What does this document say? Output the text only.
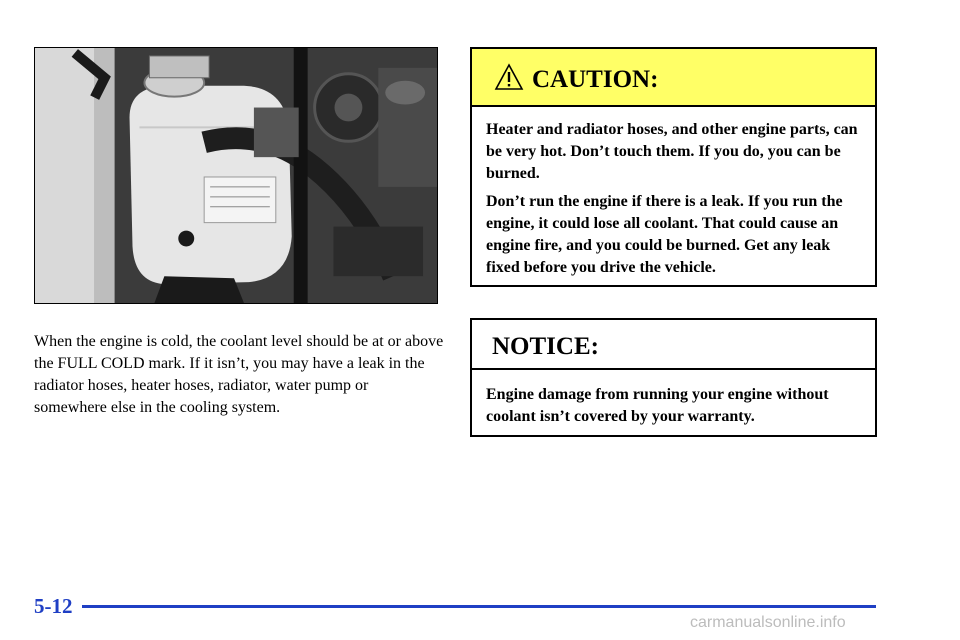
When the engine is cold, the coolant level should be at or above the FULL COLD mark. If it isn’t, you may have a leak in the radiator hoses, heater hoses, radiator, water pump or somewhere else in the cooling system.
CAUTION:

Heater and radiator hoses, and other engine parts, can be very hot. Don’t touch them. If you do, you can be burned.

Don’t run the engine if there is a leak. If you run the engine, it could lose all coolant. That could cause an engine fire, and you could be burned. Get any leak fixed before you drive the vehicle.

NOTICE:

Engine damage from running your engine without coolant isn’t covered by your warranty.

5-12
carmanualsonline.info
